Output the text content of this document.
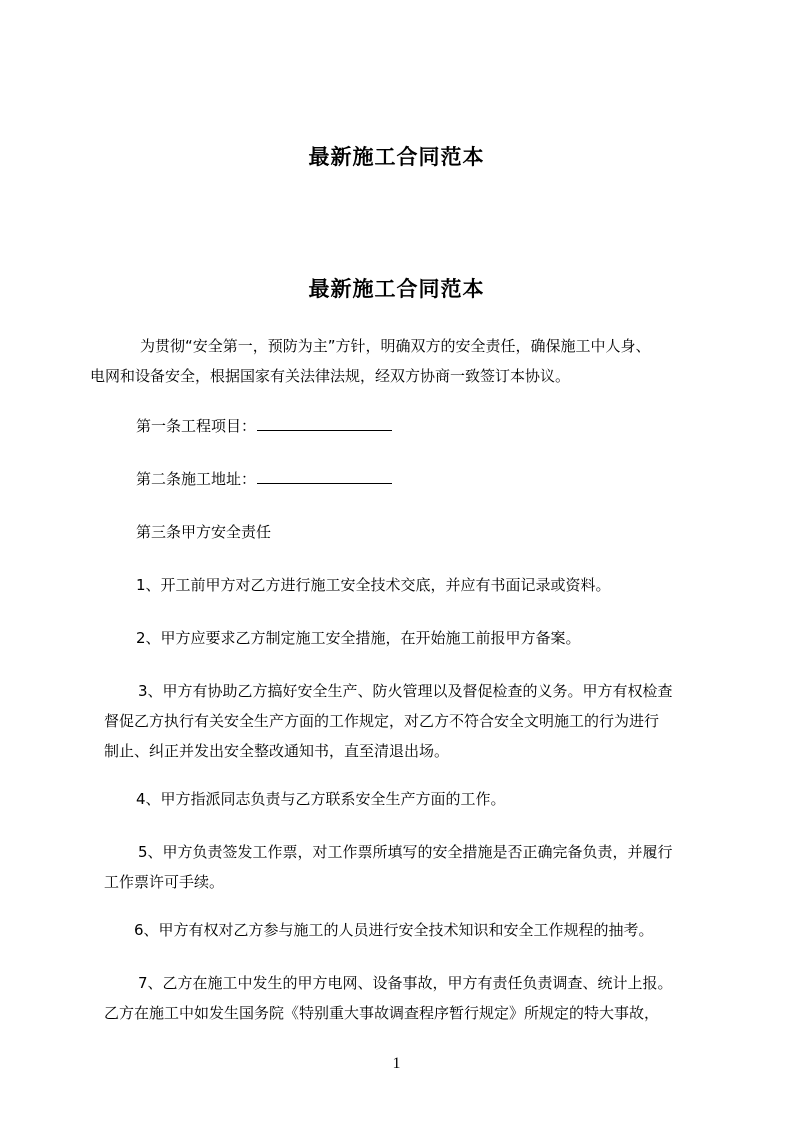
最新施工合同范本
最新施工合同范本
为贯彻“安全第一，预防为主”方针，明确双方的安全责任，确保施工中人身、
电网和设备安全，根据国家有关法律法规，经双方协商一致签订本协议。
第一条工程项目：
第二条施工地址：
第三条甲方安全责任
1、开工前甲方对乙方进行施工安全技术交底，并应有书面记录或资料。
2、甲方应要求乙方制定施工安全措施，在开始施工前报甲方备案。
3、甲方有协助乙方搞好安全生产、防火管理以及督促检查的义务。甲方有权检查
督促乙方执行有关安全生产方面的工作规定，对乙方不符合安全文明施工的行为进行
制止、纠正并发出安全整改通知书，直至清退出场。
4、甲方指派同志负责与乙方联系安全生产方面的工作。
5、甲方负责签发工作票，对工作票所填写的安全措施是否正确完备负责，并履行
工作票许可手续。
6、甲方有权对乙方参与施工的人员进行安全技术知识和安全工作规程的抽考。
7、乙方在施工中发生的甲方电网、设备事故，甲方有责任负责调查、统计上报。
乙方在施工中如发生国务院《特别重大事故调查程序暂行规定》所规定的特大事故，
1
